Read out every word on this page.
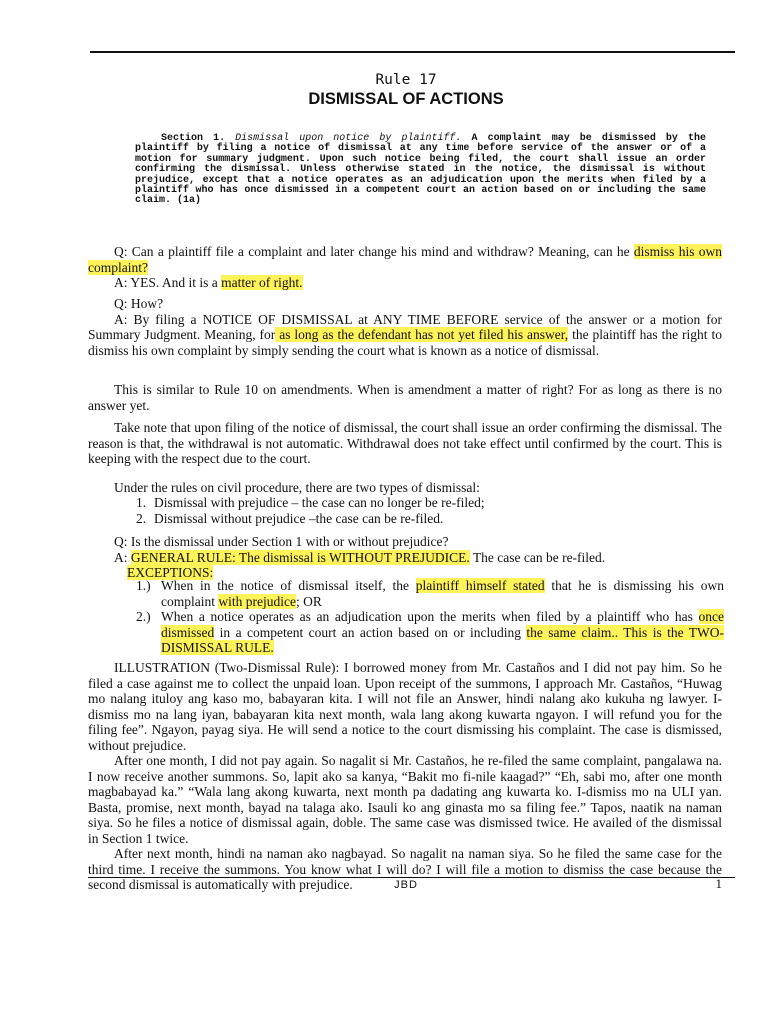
Rule 17
DISMISSAL OF ACTIONS
Section 1. Dismissal upon notice by plaintiff. A complaint may be dismissed by the plaintiff by filing a notice of dismissal at any time before service of the answer or of a motion for summary judgment. Upon such notice being filed, the court shall issue an order confirming the dismissal. Unless otherwise stated in the notice, the dismissal is without prejudice, except that a notice operates as an adjudication upon the merits when filed by a plaintiff who has once dismissed in a competent court an action based on or including the same claim. (1a)

Q: Can a plaintiff file a complaint and later change his mind and withdraw? Meaning, can he dismiss his own complaint?

A: YES. And it is a matter of right.

Q: How?

A: By filing a NOTICE OF DISMISSAL at ANY TIME BEFORE service of the answer or a motion for Summary Judgment. Meaning, for as long as the defendant has not yet filed his answer, the plaintiff has the right to dismiss his own complaint by simply sending the court what is known as a notice of dismissal.

This is similar to Rule 10 on amendments. When is amendment a matter of right? For as long as there is no answer yet.

Take note that upon filing of the notice of dismissal, the court shall issue an order confirming the dismissal. The reason is that, the withdrawal is not automatic. Withdrawal does not take effect until confirmed by the court. This is keeping with the respect due to the court.

Under the rules on civil procedure, there are two types of dismissal:

1. Dismissal with prejudice – the case can no longer be re-filed;
2. Dismissal without prejudice –the case can be re-filed.

Q: Is the dismissal under Section 1 with or without prejudice?

A: GENERAL RULE: The dismissal is WITHOUT PREJUDICE. The case can be re-filed.

EXCEPTIONS:

1.) When in the notice of dismissal itself, the plaintiff himself stated that he is dismissing his own complaint with prejudice; OR
2.) When a notice operates as an adjudication upon the merits when filed by a plaintiff who has once dismissed in a competent court an action based on or including the same claim.. This is the TWO-DISMISSAL RULE.

ILLUSTRATION (Two-Dismissal Rule): I borrowed money from Mr. Castaños and I did not pay him. So he filed a case against me to collect the unpaid loan. Upon receipt of the summons, I approach Mr. Castaños, “Huwag mo nalang ituloy ang kaso mo, babayaran kita. I will not file an Answer, hindi nalang ako kukuha ng lawyer. I-dismiss mo na lang iyan, babayaran kita next month, wala lang akong kuwarta ngayon. I will refund you for the filing fee”. Ngayon, payag siya. He will send a notice to the court dismissing his complaint. The case is dismissed, without prejudice.

After one month, I did not pay again. So nagalit si Mr. Castaños, he re-filed the same complaint, pangalawa na. I now receive another summons. So, lapit ako sa kanya, “Bakit mo fi-nile kaagad?” “Eh, sabi mo, after one month magbabayad ka.” “Wala lang akong kuwarta, next month pa dadating ang kuwarta ko. I-dismiss mo na ULI yan. Basta, promise, next month, bayad na talaga ako. Isauli ko ang ginasta mo sa filing fee.” Tapos, naatik na naman siya. So he files a notice of dismissal again, doble. The same case was dismissed twice. He availed of the dismissal in Section 1 twice.

After next month, hindi na naman ako nagbayad. So nagalit na naman siya. So he filed the same case for the third time. I receive the summons. You know what I will do? I will file a motion to dismiss the case because the second dismissal is automatically with prejudice.	JBD	1
